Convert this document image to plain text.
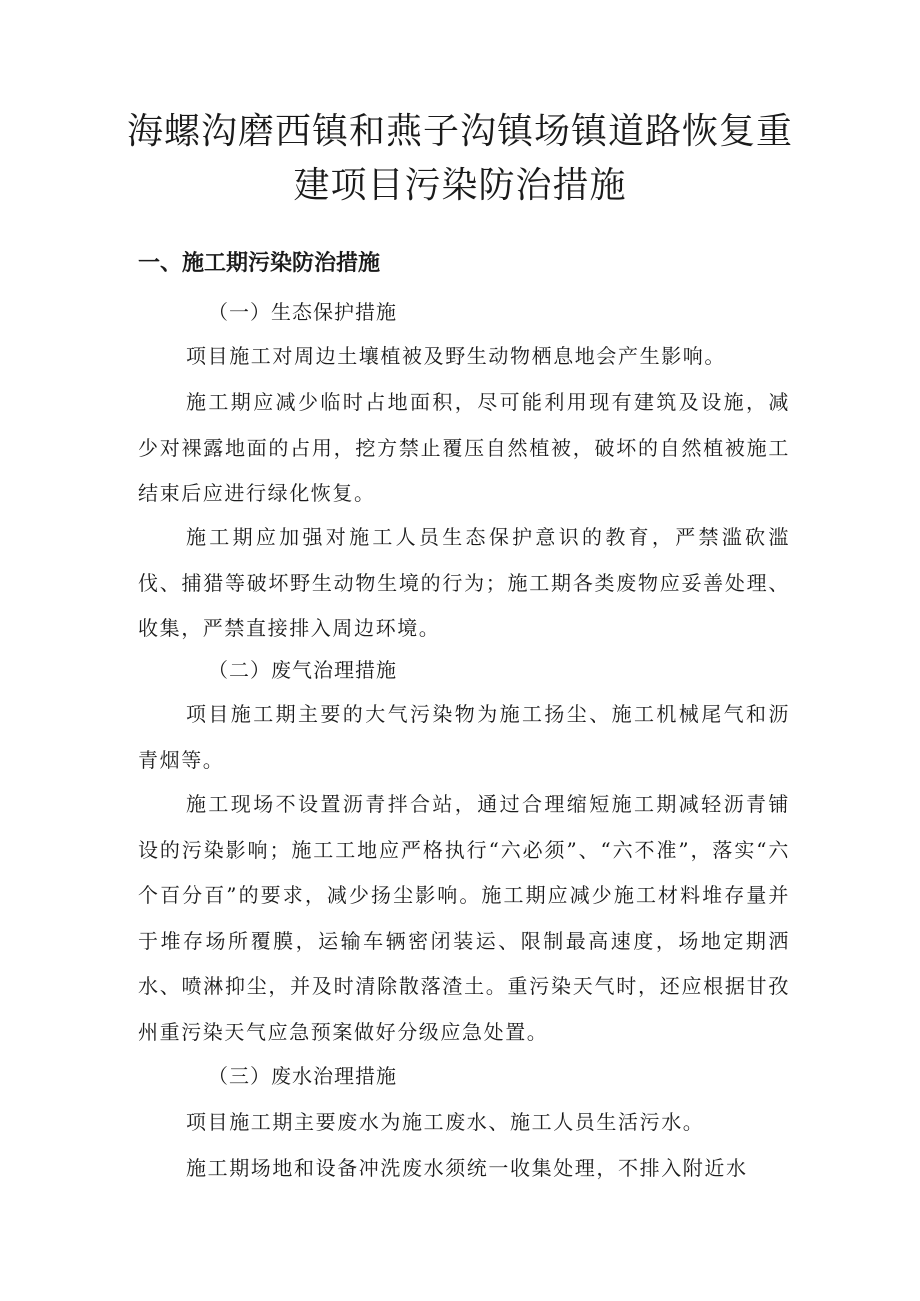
海螺沟磨西镇和燕子沟镇场镇道路恢复重
建项目污染防治措施
一、施工期污染防治措施
（一）生态保护措施

项目施工对周边土壤植被及野生动物栖息地会产生影响。

施工期应减少临时占地面积，尽可能利用现有建筑及设施，减少对裸露地面的占用，挖方禁止覆压自然植被，破坏的自然植被施工结束后应进行绿化恢复。

施工期应加强对施工人员生态保护意识的教育，严禁滥砍滥伐、捕猎等破坏野生动物生境的行为；施工期各类废物应妥善处理、收集，严禁直接排入周边环境。

（二）废气治理措施

项目施工期主要的大气污染物为施工扬尘、施工机械尾气和沥青烟等。

施工现场不设置沥青拌合站，通过合理缩短施工期减轻沥青铺设的污染影响；施工工地应严格执行“六必须”、“六不准”，落实“六个百分百”的要求，减少扬尘影响。施工期应减少施工材料堆存量并于堆存场所覆膜，运输车辆密闭装运、限制最高速度，场地定期洒水、喷淋抑尘，并及时清除散落渣土。重污染天气时，还应根据甘孜州重污染天气应急预案做好分级应急处置。

（三）废水治理措施

项目施工期主要废水为施工废水、施工人员生活污水。

施工期场地和设备冲洗废水须统一收集处理，不排入附近水
